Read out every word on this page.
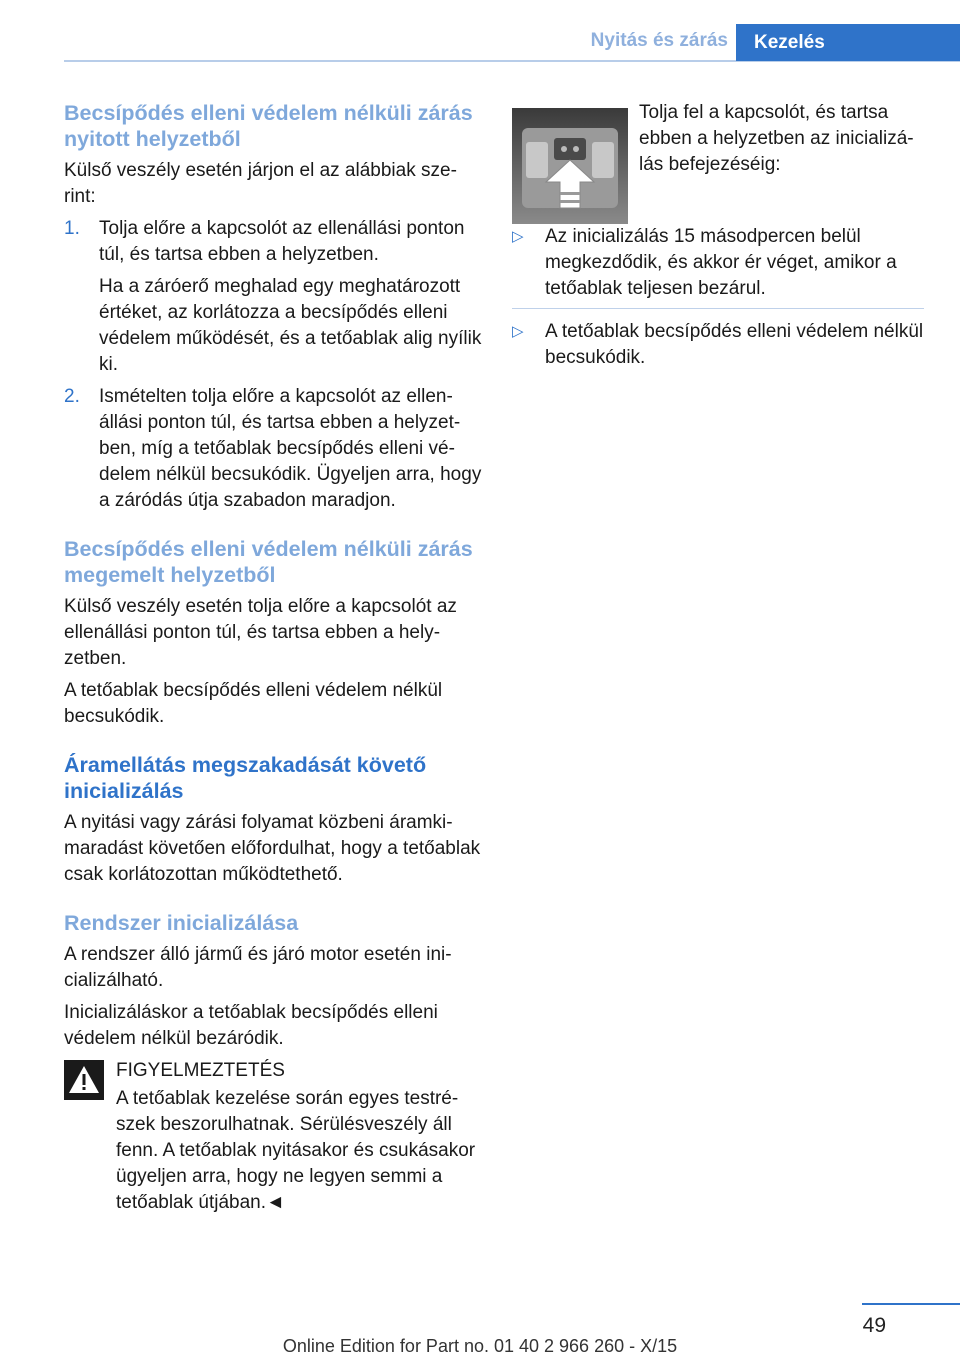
Nyitás és zárás	Kezelés
Becsípődés elleni védelem nélküli zárás nyitott helyzetből

Külső veszély esetén járjon el az alábbiak szerint:

1. Tolja előre a kapcsolót az ellenállási ponton túl, és tartsa ebben a helyzetben.

Ha a záróerő meghalad egy meghatározott értéket, az korlátozza a becsípődés elleni védelem működését, és a tetőablak alig nyílik ki.

2. Ismételten tolja előre a kapcsolót az ellenállási ponton túl, és tartsa ebben a helyzetben, míg a tetőablak becsípődés elleni védelem nélkül becsukódik. Ügyeljen arra, hogy a záródás útja szabadon maradjon.

Becsípődés elleni védelem nélküli zárás megemelt helyzetből

Külső veszély esetén tolja előre a kapcsolót az ellenállási ponton túl, és tartsa ebben a helyzetben.

A tetőablak becsípődés elleni védelem nélkül becsukódik.

Áramellátás megszakadását követő inicializálás

A nyitási vagy zárási folyamat közbeni áramkimaradást követően előfordulhat, hogy a tetőablak csak korlátozottan működtethető.

Rendszer inicializálása

A rendszer álló jármű és járó motor esetén inicializálható.

Inicializáláskor a tetőablak becsípődés elleni védelem nélkül bezáródik.

FIGYELMEZTETÉS

A tetőablak kezelése során egyes testrészek beszorulhatnak. Sérülésveszély áll fenn. A tetőablak nyitásakor és csukásakor ügyeljen arra, hogy ne legyen semmi a tetőablak útjában.◄

Tolja fel a kapcsolót, és tartsa ebben a helyzetben az inicializálás befejezéséig:

▷ Az inicializálás 15 másodpercen belül megkezdődik, és akkor ér véget, amikor a tetőablak teljesen bezárul.

▷ A tetőablak becsípődés elleni védelem nélkül becsukódik.

49
Online Edition for Part no. 01 40 2 966 260 - X/15
